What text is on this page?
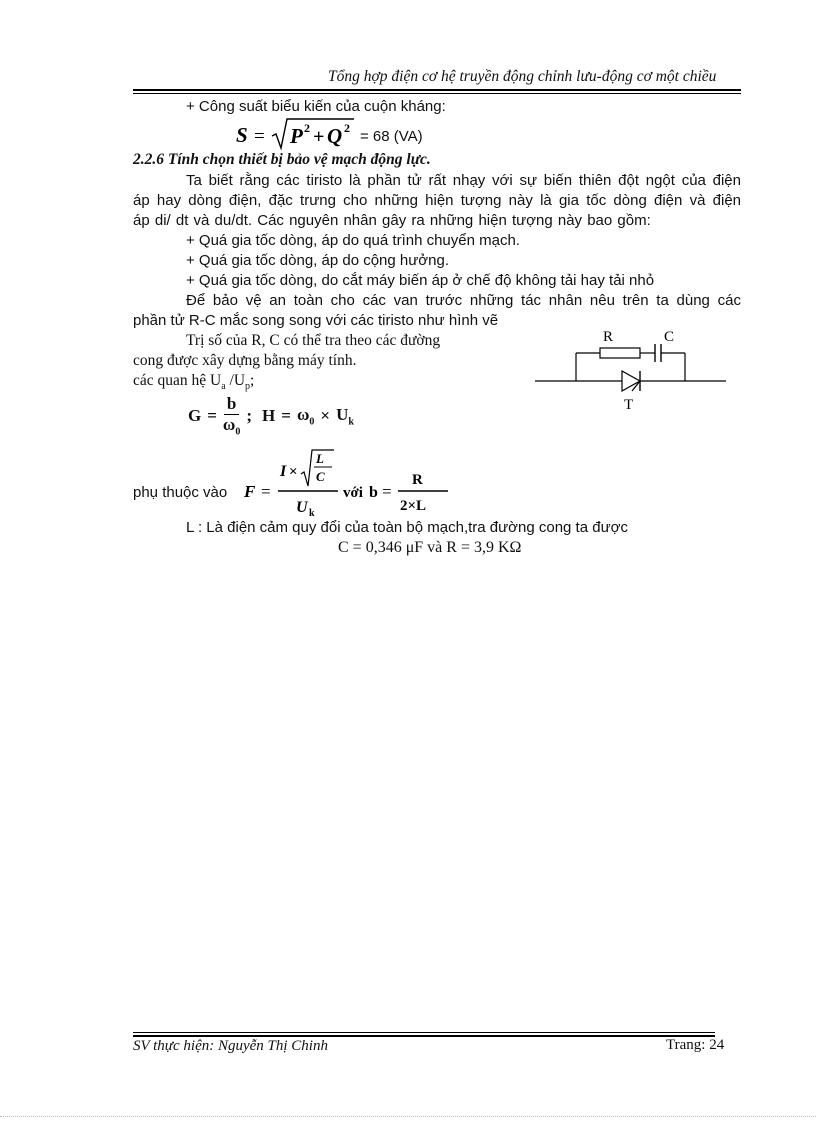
Tổng hợp điện cơ hệ truyền động chỉnh lưu-động cơ một chiều
+ Công suất biểu kiến của cuộn kháng:
S = P 2 + Q 2 = 68 (VA)
2.2.6 Tính chọn thiết bị bảo vệ mạch động lực.
Ta biết rằng các tiristo là phần tử rất nhạy với sự biến thiên đột ngột của điện
áp hay dòng điện, đặc trưng cho những hiện tượng này là gia tốc dòng điện và điện
áp di/ dt và du/dt. Các nguyên nhân gây ra những hiện tượng này bao gồm:
+ Quá gia tốc dòng, áp do quá trình chuyển mạch.
+ Quá gia tốc dòng, áp do cộng hưởng.
+ Quá gia tốc dòng, do cắt máy biến áp ở chế độ không tải hay tải nhỏ
Để bảo vệ an toàn cho các van trước những tác nhân nêu trên ta dùng các
phần tử R-C mắc song song với các tiristo như hình vẽ
Trị số của R, C có thể tra theo các đường
cong được xây dựng bằng máy tính.
các quan hệ $U_a$ $/U_p$;
R	C
T
$G = \frac{b}{\omega_0}$ ; $H = \omega_0 \times U_k$
phụ thuộc vào F =
I ×
L
C
U k
với b =
R
2×L
L : Là điện cảm quy đổi của toàn bộ mạch,tra đường cong ta được
C = 0,346 μF và R = 3,9 KΩ
SV thực hiện: Nguyễn Thị Chinh	Trang: 24
